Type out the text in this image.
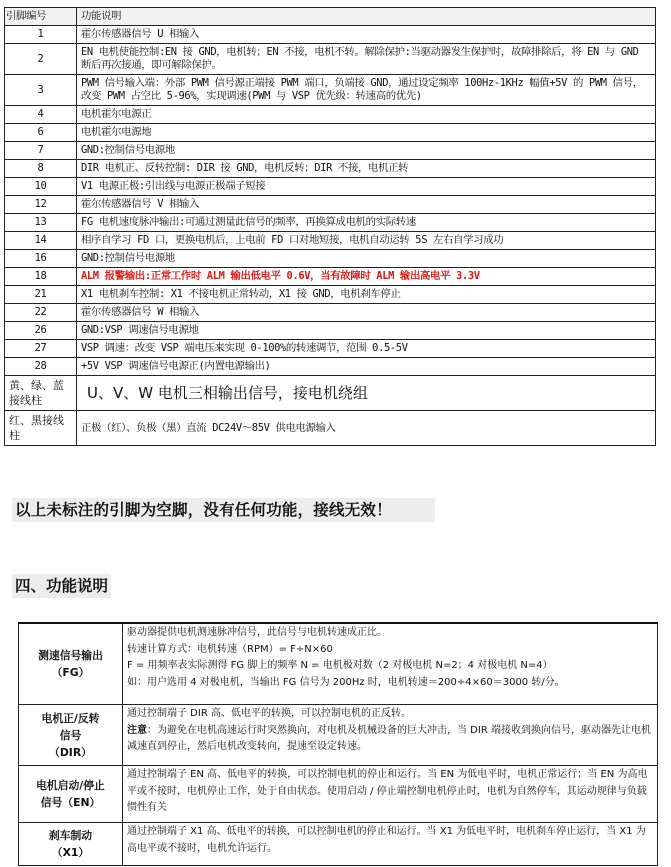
引脚编号	功能说明
1	霍尔传感器信号 U 相输入
2	EN 电机使能控制:EN 接 GND，电机转；EN 不接，电机不转。解除保护:当驱动器发生保护时，故障排除后，将 EN 与 GND 断后再次接通，即可解除保护。
3	PWM 信号输入端：外部 PWM 信号源正端接 PWM 端口，负端接 GND，通过设定频率 100Hz-1KHz 幅值+5V 的 PWM 信号，改变 PWM 占空比 5-96%，实现调速(PWM 与 VSP 优先级：转速高的优先)
4	电机霍尔电源正
6	电机霍尔电源地
7	GND:控制信号电源地
8	DIR 电机正、反转控制: DIR 接 GND，电机反转；DIR 不接，电机正转
10	V1 电源正极:引出线与电源正极端子短接
12	霍尔传感器信号 V 相输入
13	FG 电机速度脉冲输出:可通过测量此信号的频率，再换算成电机的实际转速
14	相序自学习 FD 口，更换电机后，上电前 FD 口对地短接，电机自动运转 5S 左右自学习成功
16	GND:控制信号电源地
18	ALM 报警输出:正常工作时 ALM 输出低电平 0.6V，当有故障时 ALM 输出高电平 3.3V
21	X1 电机刹车控制: X1 不接电机正常转动，X1 接 GND，电机刹车停止
22	霍尔传感器信号 W 相输入
26	GND:VSP 调速信号电源地
27	VSP 调速：改变 VSP 端电压来实现 0-100%的转速调节，范围 0.5-5V
28	+5V VSP 调速信号电源正(内置电源输出)
黄、绿、蓝接线柱	U、V、W 电机三相输出信号，接电机绕组
红、黑接线柱	正极（红）、负极（黑）直流 DC24V～85V 供电电源输入
以上未标注的引脚为空脚，没有任何功能，接线无效！
四、功能说明
测速信号输出
（FG）	驱动器提供电机测速脉冲信号，此信号与电机转速成正比。
转速计算方式：电机转速（RPM）= F÷N×60
F = 用频率表实际测得 FG 脚上的频率 N = 电机极对数（2 对极电机 N=2；4 对极电机 N=4）
如：用户选用 4 对极电机，当输出 FG 信号为 200Hz 时，电机转速＝200÷4×60＝3000 转/分。

电机正/反转
信号
（DIR）	通过控制端子 DIR 高、低电平的转换，可以控制电机的正反转。
注意：为避免在电机高速运行时突然换向，对电机及机械设备的巨大冲击，当 DIR 端接收到换向信号，驱动器先让电机减速直到停止，然后电机改变转向，提速至设定转速。

电机启动/停止
信号（EN）	通过控制端子 EN 高、低电平的转换，可以控制电机的停止和运行。当 EN 为低电平时，电机正常运行；当 EN 为高电平或不接时，电机停止工作，处于自由状态。使用启动 / 停止端控制电机停止时，电机为自然停车，其运动规律与负载惯性有关

刹车制动
（X1）	通过控制端子 X1 高、低电平的转换，可以控制电机的停止和运行。当 X1 为低电平时，电机刹车停止运行，当 X1 为高电平或不接时，电机允许运行。
